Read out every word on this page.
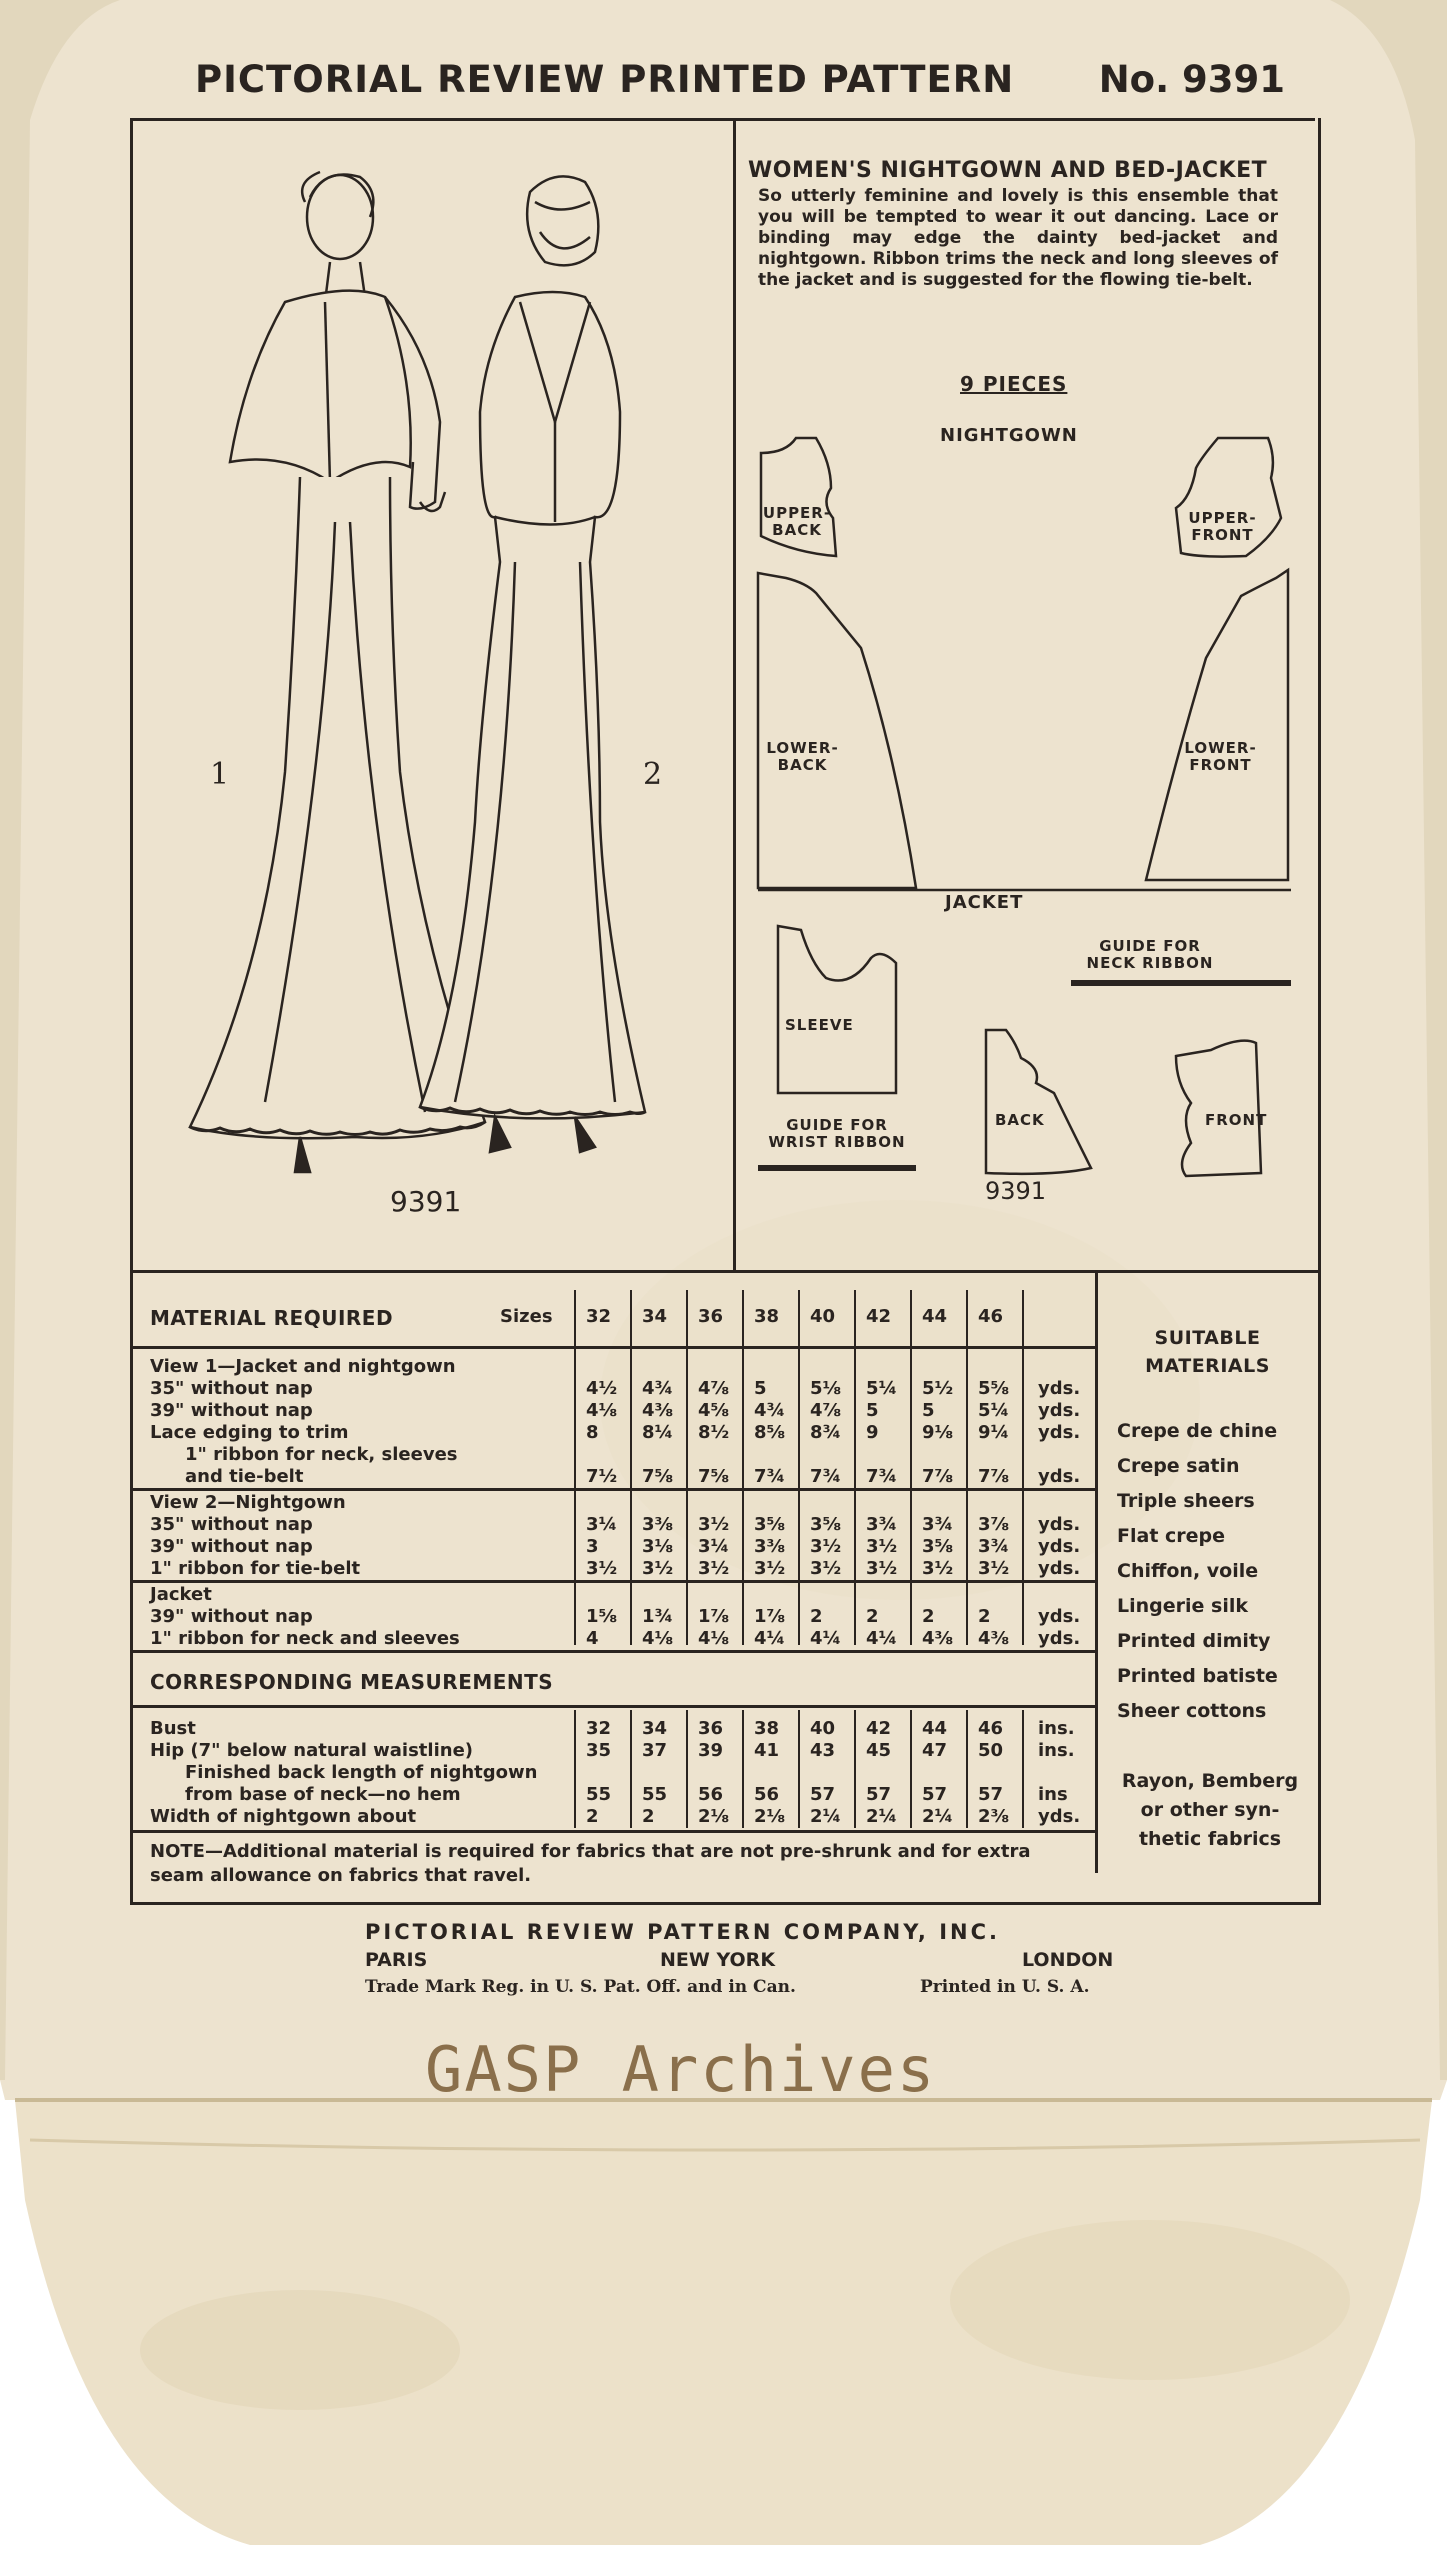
PICTORIAL REVIEW PRINTED PATTERN No. 9391
1	2
9391
WOMEN'S NIGHTGOWN AND BED-JACKET
So utterly feminine and lovely is this ensemble that you will be tempted to wear it out dancing. Lace or binding may edge the dainty bed-jacket and nightgown. Ribbon trims the neck and long sleeves of the jacket and is suggested for the flowing tie-belt.
9 PIECES
NIGHTGOWN
JACKET
UPPER-BACK
UPPER-FRONT
LOWER-BACK
LOWER-FRONT
SLEEVE
GUIDE FOR NECK RIBBON
GUIDE FOR WRIST RIBBON
BACK	FRONT
9391
MATERIAL REQUIRED	Sizes
CORRESPONDING MEASUREMENTS
SUITABLE
MATERIALS
Rayon, Bemberg
or other syn-
thetic fabrics
NOTE—Additional material is required for fabrics that are not pre-shrunk and for extra seam allowance on fabrics that ravel.
PICTORIAL REVIEW PATTERN COMPANY, INC.
PARIS	NEW YORK	LONDON
Trade Mark Reg. in U. S. Pat. Off. and in Can.	Printed in U. S. A.
GASP Archives
32 34 36 38 40 42 44 46
View 1—Jacket and nightgown
35" without nap	4½ 4¾ 4⅞ 5 5⅛ 5¼ 5½ 5⅝ yds.
39" without nap	4⅛ 4⅜ 4⅝ 4¾ 4⅞ 5 5 5¼ yds.
Lace edging to trim	8 8¼ 8½ 8⅝ 8¾ 9 9⅛ 9¼ yds.
1" ribbon for neck, sleeves
and tie-belt	7½ 7⅝ 7⅝ 7¾ 7¾ 7¾ 7⅞ 7⅞ yds.
View 2—Nightgown
35" without nap	3¼ 3⅜ 3½ 3⅝ 3⅝ 3¾ 3¾ 3⅞ yds.
39" without nap	3 3⅛ 3¼ 3⅜ 3½ 3½ 3⅝ 3¾ yds.
1" ribbon for tie-belt	3½ 3½ 3½ 3½ 3½ 3½ 3½ 3½ yds.
Jacket
39" without nap	1⅝ 1¾ 1⅞ 1⅞ 2 2 2 2	yds.
1" ribbon for neck and sleeves	4 4⅛ 4⅛ 4¼ 4¼ 4¼ 4⅜ 4⅜ yds.
Bust	32 34 36 38 40 42 44 46 ins.
Hip (7" below natural waistline)	35 37 39 41 43 45 47 50 ins.
Finished back length of nightgown
from base of neck—no hem	55 55 56 56 57 57 57 57 ins
Width of nightgown about	2 2 2⅛ 2⅛ 2¼ 2¼ 2¼ 2⅜ yds.
Crepe de chine
Crepe satin
Triple sheers
Flat crepe
Chiffon, voile
Lingerie silk
Printed dimity
Printed batiste
Sheer cottons
